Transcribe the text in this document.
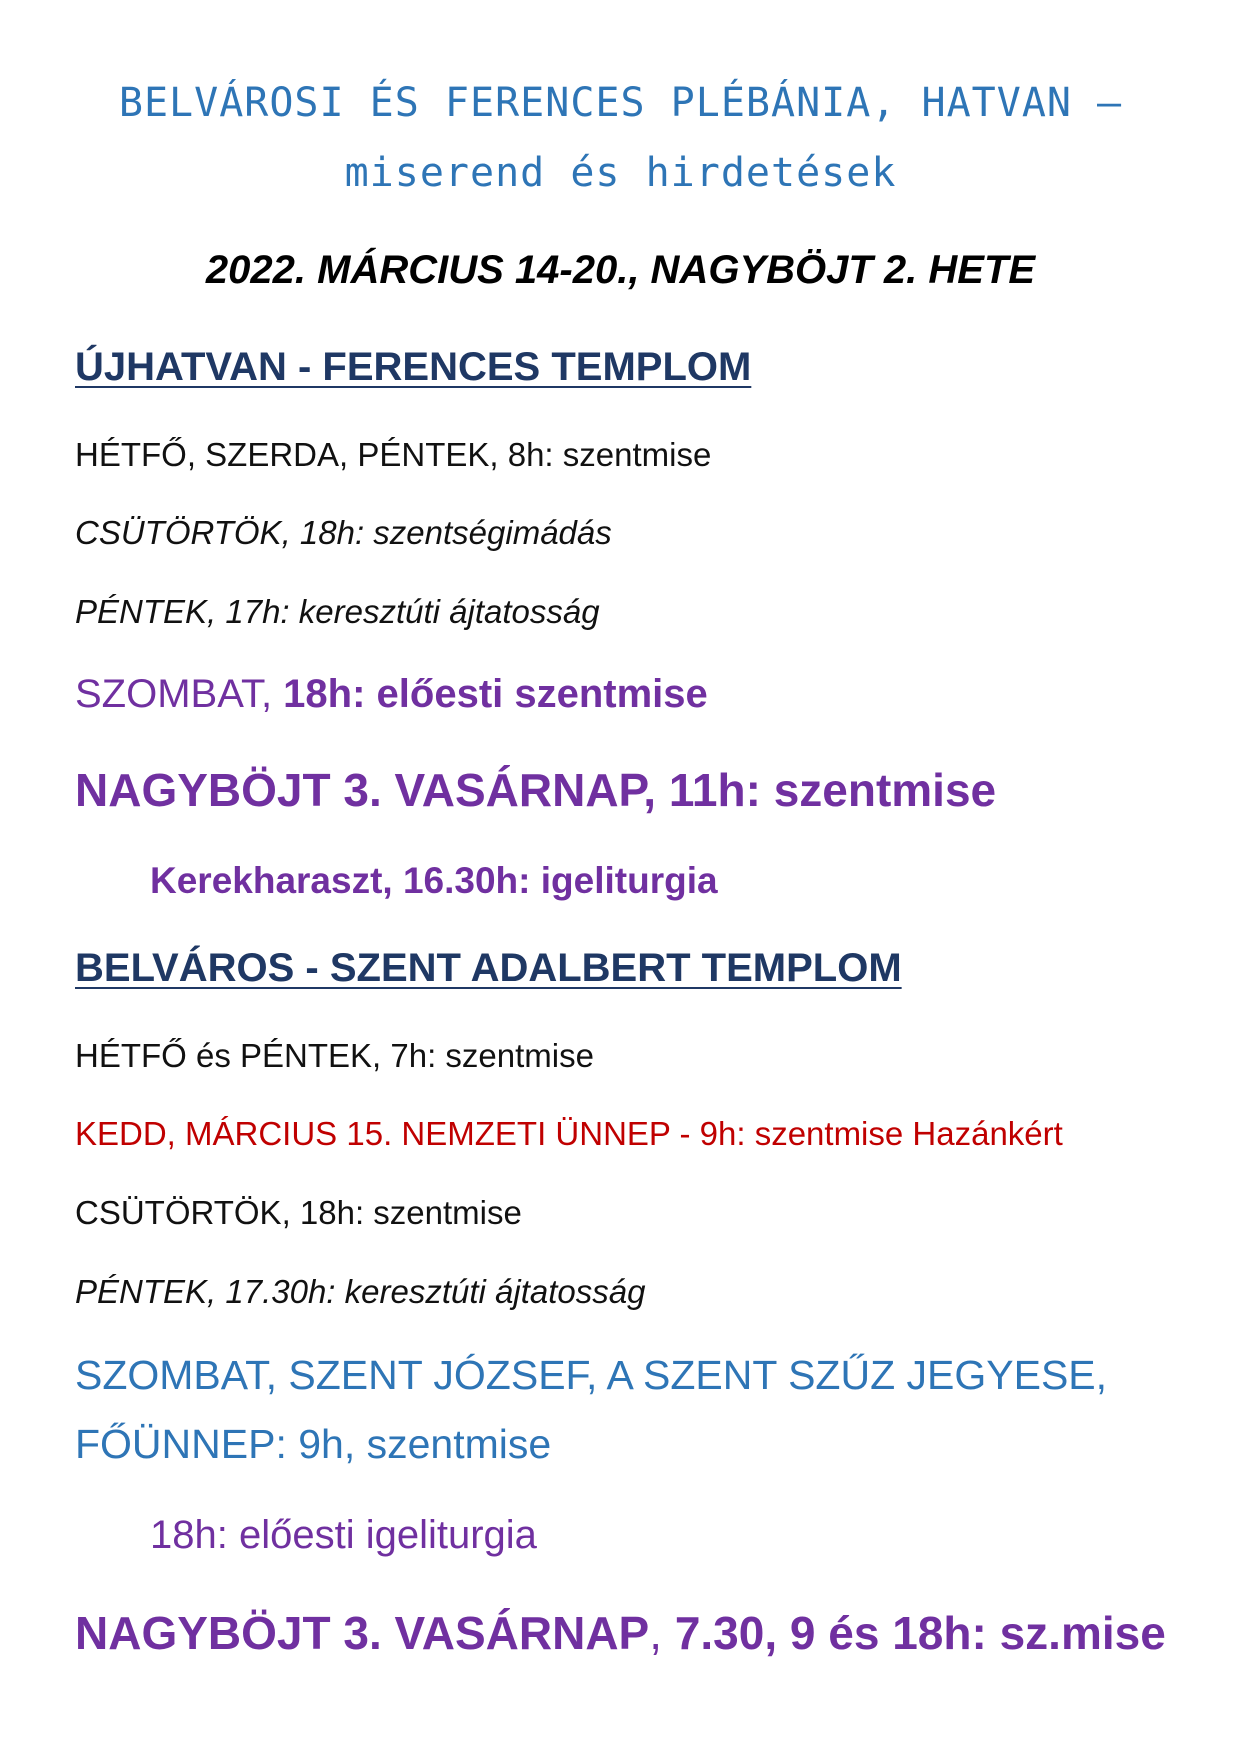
BELVÁROSI ÉS FERENCES PLÉBÁNIA, HATVAN –

miserend és hirdetések

2022. MÁRCIUS 14-20., NAGYBÖJT 2. HETE

ÚJHATVAN - FERENCES TEMPLOM

HÉTFŐ, SZERDA, PÉNTEK, 8h: szentmise

CSÜTÖRTÖK, 18h: szentségimádás

PÉNTEK, 17h: keresztúti ájtatosság

SZOMBAT, 18h: előesti szentmise

NAGYBÖJT 3. VASÁRNAP, 11h: szentmise

Kerekharaszt, 16.30h: igeliturgia

BELVÁROS - SZENT ADALBERT TEMPLOM

HÉTFŐ és PÉNTEK, 7h: szentmise

KEDD, MÁRCIUS 15. NEMZETI ÜNNEP - 9h: szentmise Hazánkért

CSÜTÖRTÖK, 18h: szentmise

PÉNTEK, 17.30h: keresztúti ájtatosság

SZOMBAT, SZENT JÓZSEF, A SZENT SZŰZ JEGYESE,

FŐÜNNEP: 9h, szentmise

18h: előesti igeliturgia

NAGYBÖJT 3. VASÁRNAP, 7.30, 9 és 18h: sz.mise
